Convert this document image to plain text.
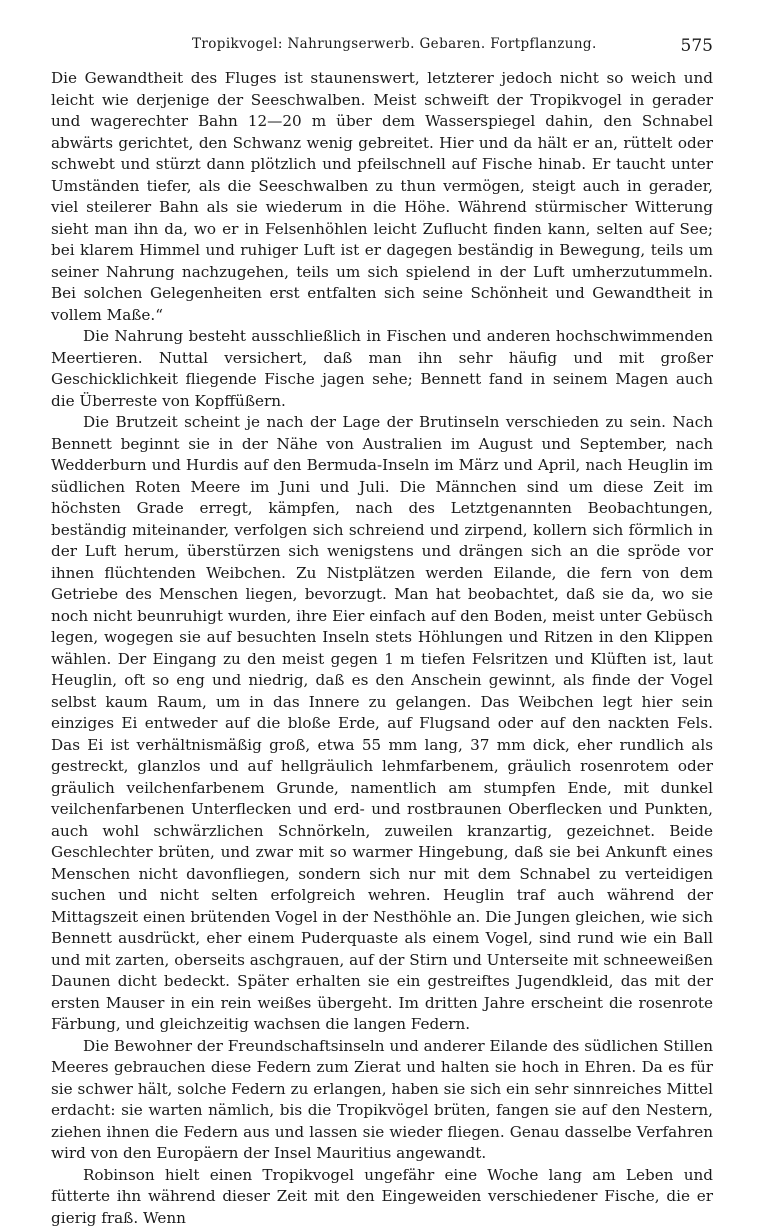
Tropikvogel: Nahrungserwerb. Gebaren. Fortpflanzung.	575

Die Gewandtheit des Fluges ist staunenswert, letzterer jedoch nicht so weich und leicht wie derjenige der Seeschwalben. Meist schweift der Tropikvogel in gerader und wagerechter Bahn 12—20 m über dem Wasserspiegel dahin, den Schnabel abwärts gerichtet, den Schwanz wenig gebreitet. Hier und da hält er an, rüttelt oder schwebt und stürzt dann plötzlich und pfeilschnell auf Fische hinab. Er taucht unter Umständen tiefer, als die Seeschwalben zu thun vermögen, steigt auch in gerader, viel steilerer Bahn als sie wiederum in die Höhe. Während stürmischer Witterung sieht man ihn da, wo er in Felsenhöhlen leicht Zuflucht finden kann, selten auf See; bei klarem Himmel und ruhiger Luft ist er dagegen beständig in Bewegung, teils um seiner Nahrung nachzugehen, teils um sich spielend in der Luft umherzutummeln. Bei solchen Gelegenheiten erst entfalten sich seine Schönheit und Gewandtheit in vollem Maße.“

Die Nahrung besteht ausschließlich in Fischen und anderen hochschwimmenden Meertieren. Nuttal versichert, daß man ihn sehr häufig und mit großer Geschicklichkeit fliegende Fische jagen sehe; Bennett fand in seinem Magen auch die Überreste von Kopffüßern.

Die Brutzeit scheint je nach der Lage der Brutinseln verschieden zu sein. Nach Bennett beginnt sie in der Nähe von Australien im August und September, nach Wedderburn und Hurdis auf den Bermuda-Inseln im März und April, nach Heuglin im südlichen Roten Meere im Juni und Juli. Die Männchen sind um diese Zeit im höchsten Grade erregt, kämpfen, nach des Letztgenannten Beobachtungen, beständig miteinander, verfolgen sich schreiend und zirpend, kollern sich förmlich in der Luft herum, überstürzen sich wenigstens und drängen sich an die spröde vor ihnen flüchtenden Weibchen. Zu Nistplätzen werden Eilande, die fern von dem Getriebe des Menschen liegen, bevorzugt. Man hat beobachtet, daß sie da, wo sie noch nicht beunruhigt wurden, ihre Eier einfach auf den Boden, meist unter Gebüsch legen, wogegen sie auf besuchten Inseln stets Höhlungen und Ritzen in den Klippen wählen. Der Eingang zu den meist gegen 1 m tiefen Felsritzen und Klüften ist, laut Heuglin, oft so eng und niedrig, daß es den Anschein gewinnt, als finde der Vogel selbst kaum Raum, um in das Innere zu gelangen. Das Weibchen legt hier sein einziges Ei entweder auf die bloße Erde, auf Flugsand oder auf den nackten Fels. Das Ei ist verhältnismäßig groß, etwa 55 mm lang, 37 mm dick, eher rundlich als gestreckt, glanzlos und auf hellgräulich lehmfarbenem, gräulich rosenrotem oder gräulich veilchenfarbenem Grunde, namentlich am stumpfen Ende, mit dunkel veilchenfarbenen Unterflecken und erd- und rostbraunen Oberflecken und Punkten, auch wohl schwärzlichen Schnörkeln, zuweilen kranzartig, gezeichnet. Beide Geschlechter brüten, und zwar mit so warmer Hingebung, daß sie bei Ankunft eines Menschen nicht davonfliegen, sondern sich nur mit dem Schnabel zu verteidigen suchen und nicht selten erfolgreich wehren. Heuglin traf auch während der Mittagszeit einen brütenden Vogel in der Nesthöhle an. Die Jungen gleichen, wie sich Bennett ausdrückt, eher einem Puderquaste als einem Vogel, sind rund wie ein Ball und mit zarten, oberseits aschgrauen, auf der Stirn und Unterseite mit schneeweißen Daunen dicht bedeckt. Später erhalten sie ein gestreiftes Jugendkleid, das mit der ersten Mauser in ein rein weißes übergeht. Im dritten Jahre erscheint die rosenrote Färbung, und gleichzeitig wachsen die langen Federn.

Die Bewohner der Freundschaftsinseln und anderer Eilande des südlichen Stillen Meeres gebrauchen diese Federn zum Zierat und halten sie hoch in Ehren. Da es für sie schwer hält, solche Federn zu erlangen, haben sie sich ein sehr sinnreiches Mittel erdacht: sie warten nämlich, bis die Tropikvögel brüten, fangen sie auf den Nestern, ziehen ihnen die Federn aus und lassen sie wieder fliegen. Genau dasselbe Verfahren wird von den Europäern der Insel Mauritius angewandt.

Robinson hielt einen Tropikvogel ungefähr eine Woche lang am Leben und fütterte ihn während dieser Zeit mit den Eingeweiden verschiedener Fische, die er gierig fraß. Wenn
